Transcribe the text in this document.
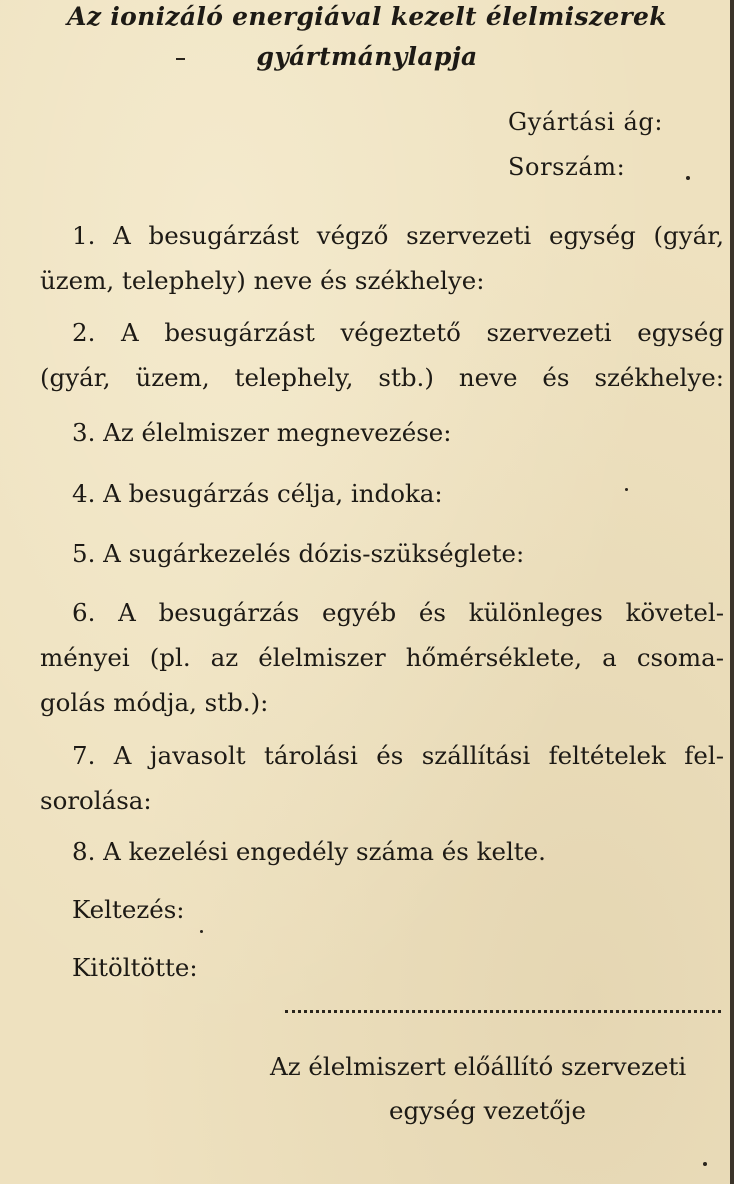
Az ionizáló energiával kezelt élelmiszerek
gyártmánylapja
Gyártási ág:
Sorszám:
1. A besugárzást végző szervezeti egység (gyár,
üzem, telephely) neve és székhelye:
2. A besugárzást végeztető szervezeti egység
(gyár, üzem, telephely, stb.) neve és székhelye:
3. Az élelmiszer megnevezése:
4. A besugárzás célja, indoka:
5. A sugárkezelés dózis-szükséglete:
6. A besugárzás egyéb és különleges követel-
ményei (pl. az élelmiszer hőmérséklete, a csoma-
golás módja, stb.):
7. A javasolt tárolási és szállítási feltételek fel-
sorolása:
8. A kezelési engedély száma és kelte.
Keltezés:
Kitöltötte:
Az élelmiszert előállító szervezeti
egység vezetője
